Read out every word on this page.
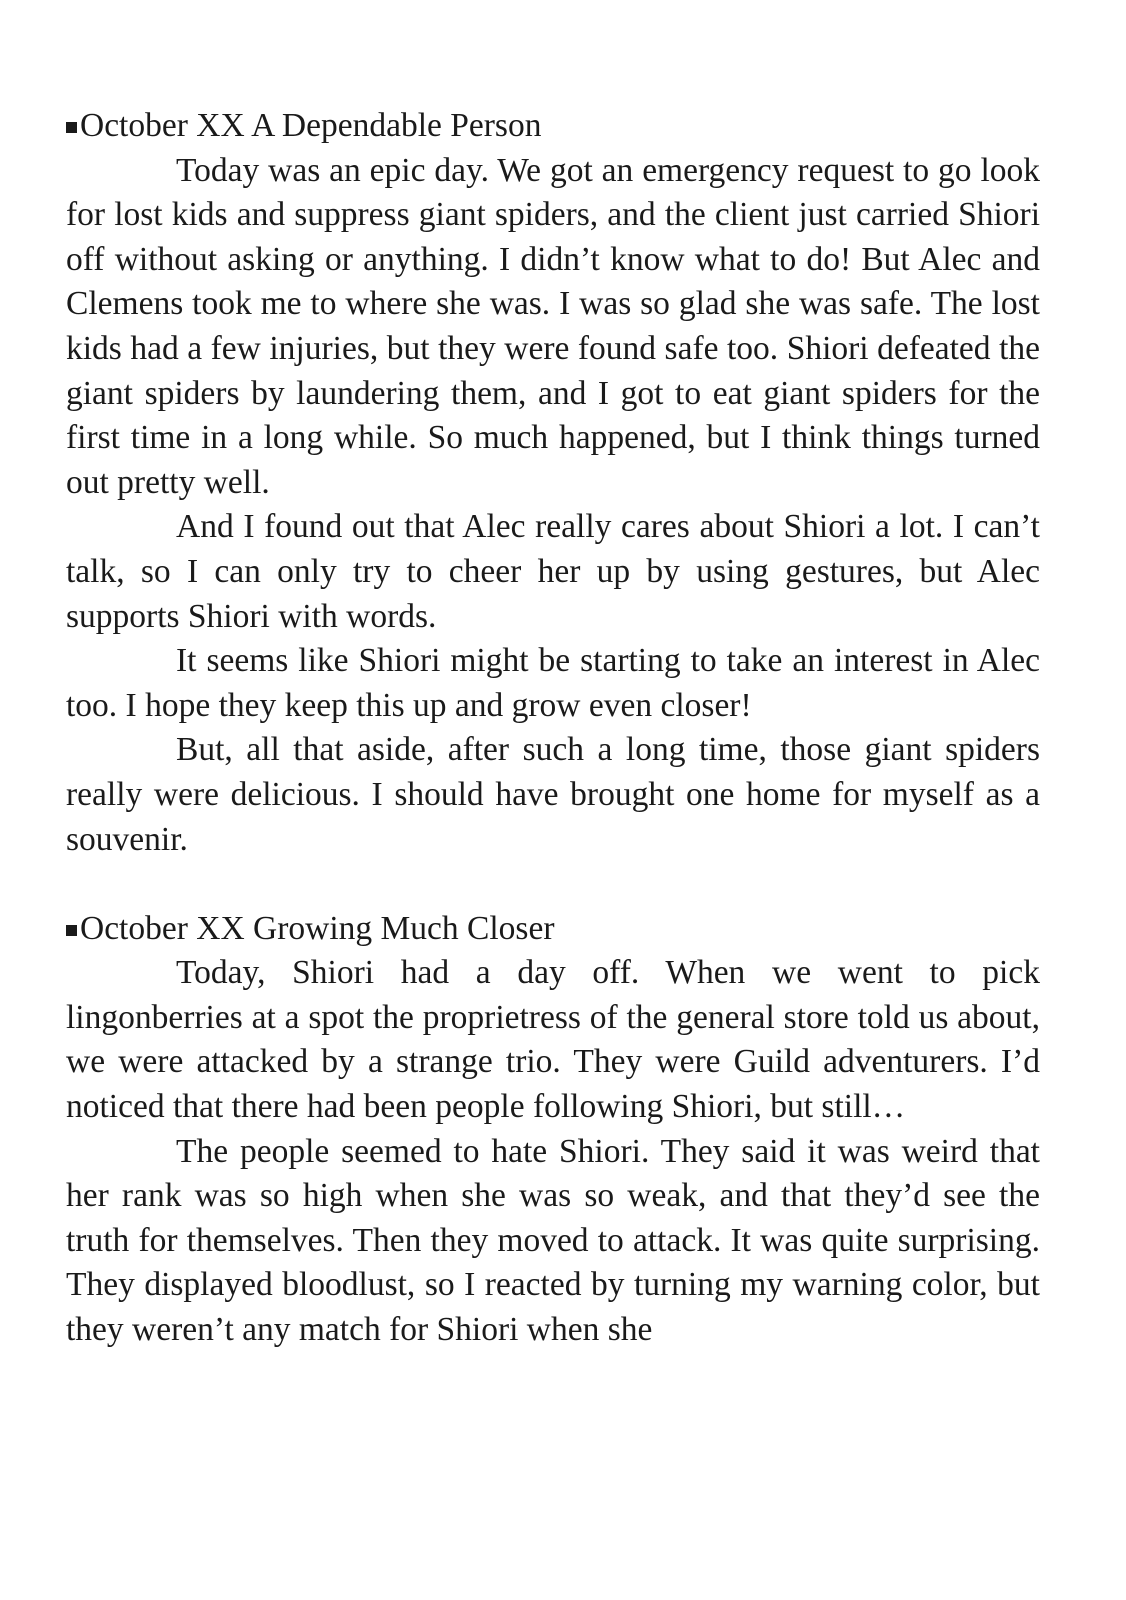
October XX A Dependable Person

Today was an epic day. We got an emergency request to go look for lost kids and suppress giant spiders, and the client just carried Shiori off without asking or anything. I didn’t know what to do! But Alec and Clemens took me to where she was. I was so glad she was safe. The lost kids had a few injuries, but they were found safe too. Shiori defeated the giant spiders by laundering them, and I got to eat giant spiders for the first time in a long while. So much happened, but I think things turned out pretty well.

And I found out that Alec really cares about Shiori a lot. I can’t talk, so I can only try to cheer her up by using gestures, but Alec supports Shiori with words.

It seems like Shiori might be starting to take an interest in Alec too. I hope they keep this up and grow even closer!

But, all that aside, after such a long time, those giant spiders really were delicious. I should have brought one home for myself as a souvenir.

October XX Growing Much Closer

Today, Shiori had a day off. When we went to pick lingonberries at a spot the proprietress of the general store told us about, we were attacked by a strange trio. They were Guild adventurers. I’d noticed that there had been people following Shiori, but still…

The people seemed to hate Shiori. They said it was weird that her rank was so high when she was so weak, and that they’d see the truth for themselves. Then they moved to attack. It was quite surprising. They displayed bloodlust, so I reacted by turning my warning color, but they weren’t any match for Shiori when she
